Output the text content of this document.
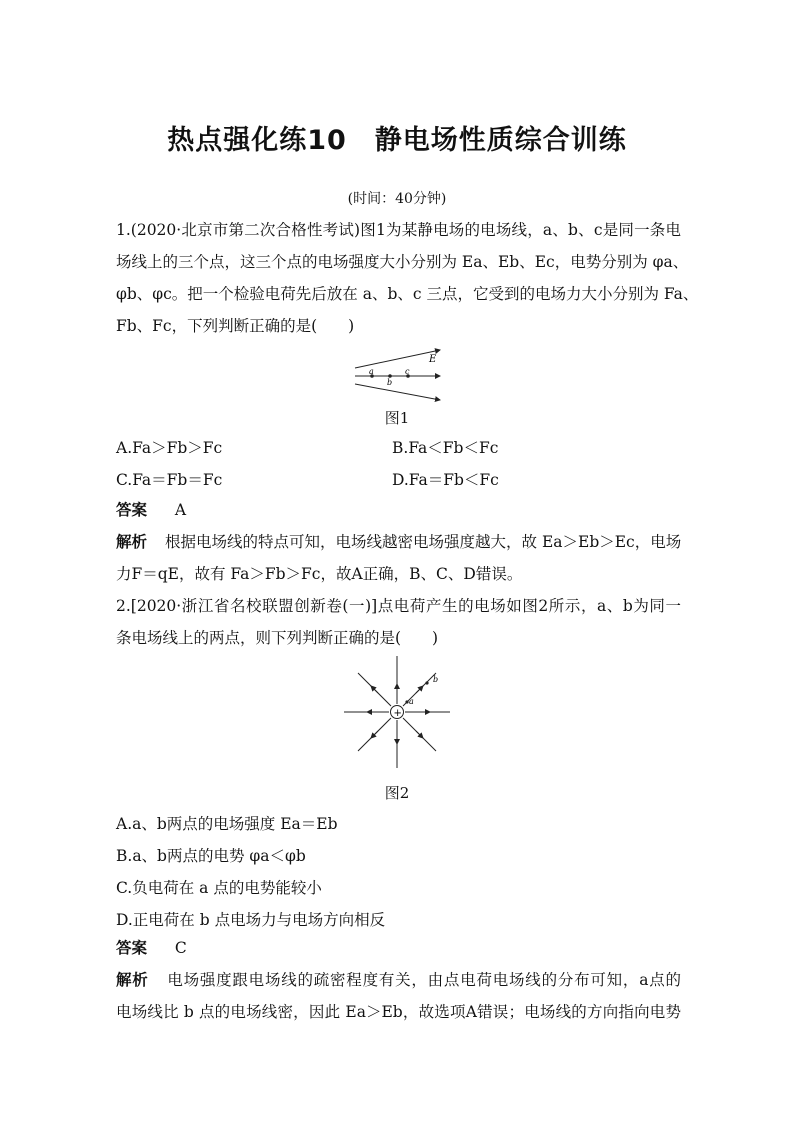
热点强化练10　静电场性质综合训练
(时间：40分钟)
1.(2020·北京市第二次合格性考试)图1为某静电场的电场线，a、b、c是同一条电
场线上的三个点，这三个点的电场强度大小分别为 Ea、Eb、Ec，电势分别为 φa、
φb、φc。把一个检验电荷先后放在 a、b、c 三点，它受到的电场力大小分别为 Fa、
Fb、Fc，下列判断正确的是(　　)
E
a
b
c
图1
A.Fa＞Fb＞Fc	B.Fa＜Fb＜Fc
C.Fa＝Fb＝Fc	D.Fa＝Fb＜Fc
答案 A
解析 根据电场线的特点可知，电场线越密电场强度越大，故 Ea＞Eb＞Ec，电场
力F＝qE，故有 Fa＞Fb＞Fc，故A正确，B、C、D错误。
2.[2020·浙江省名校联盟创新卷(一)]点电荷产生的电场如图2所示，a、b为同一
条电场线上的两点，则下列判断正确的是(　　)
+
a
b
图2
A.a、b两点的电场强度 Ea＝Eb
B.a、b两点的电势 φa＜φb
C.负电荷在 a 点的电势能较小
D.正电荷在 b 点电场力与电场方向相反
答案 C
解析 电场强度跟电场线的疏密程度有关，由点电荷电场线的分布可知，a点的
电场线比 b 点的电场线密，因此 Ea＞Eb，故选项A错误；电场线的方向指向电势
